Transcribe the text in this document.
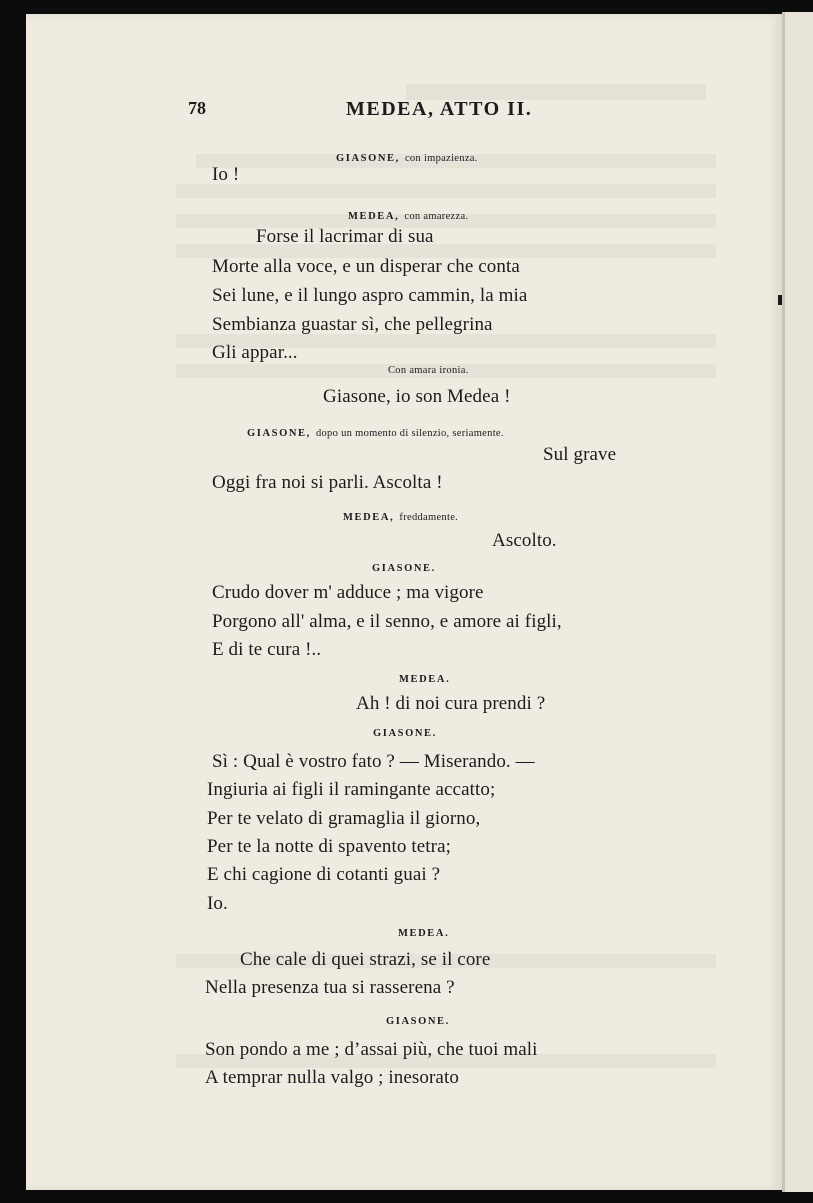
78	MEDEA, ATTO II.
GIASONE, con impazienza.
Io !
MEDEA, con amarezza.
Forse il lacrimar di sua
Morte alla voce, e un disperar che conta
Sei lune, e il lungo aspro cammin, la mia
Sembianza guastar sì, che pellegrina
Gli appar...
Con amara ironia.
Giasone, io son Medea !
GIASONE, dopo un momento di silenzio, seriamente.
Sul grave
Oggi fra noi si parli. Ascolta !
MEDEA, freddamente.
Ascolto.
GIASONE.
Crudo dover m' adduce ; ma vigore
Porgono all' alma, e il senno, e amore ai figli,
E di te cura !..
MEDEA.
Ah ! di noi cura prendi ?
GIASONE.
Sì : Qual è vostro fato ? — Miserando. —
Ingiuria ai figli il ramingante accatto;
Per te velato di gramaglia il giorno,
Per te la notte di spavento tetra;
E chi cagione di cotanti guai ?
Io.
MEDEA.
Che cale di quei strazi, se il core
Nella presenza tua si rasserena ?
GIASONE.
Son pondo a me ; d’assai più, che tuoi mali
A temprar nulla valgo ; inesorato
